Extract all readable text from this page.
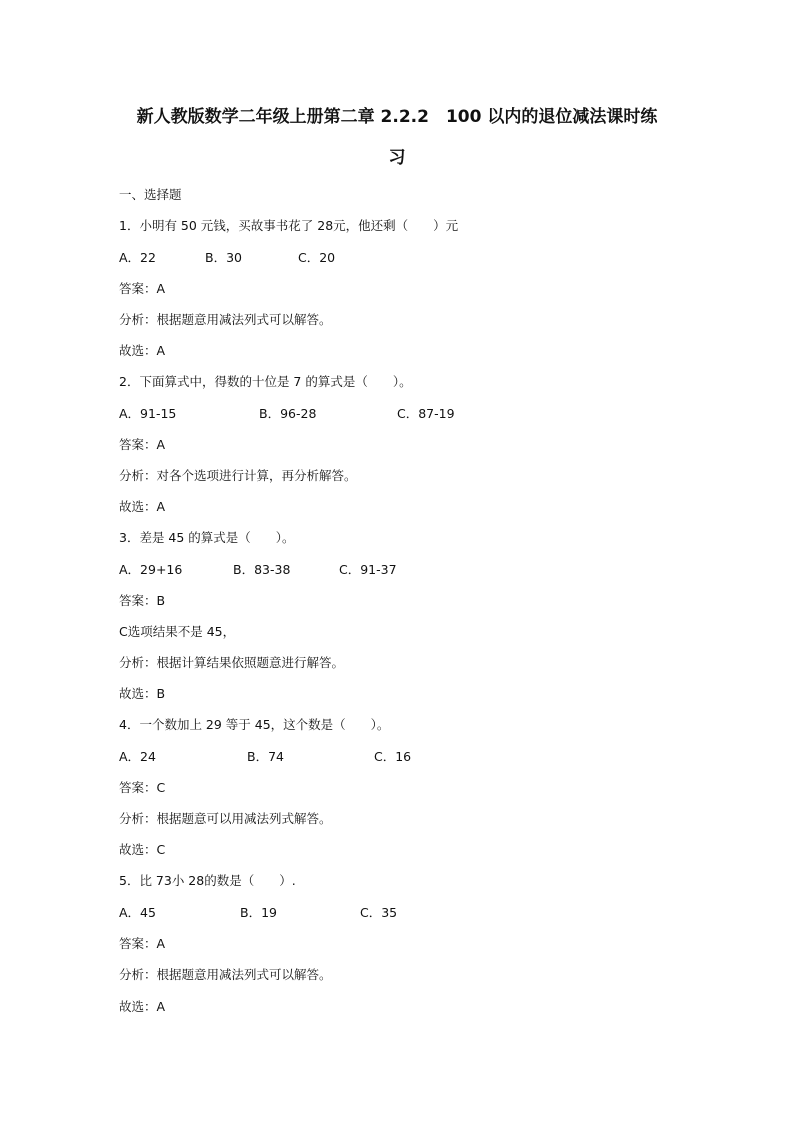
新人教版数学二年级上册第二章 2.2.2　100 以内的退位减法课时练
习
一、选择题
1．小明有 50 元钱，买故事书花了 28元，他还剩（　　）元
A．22	B．30	C．20
答案：A
分析：根据题意用减法列式可以解答。
故选：A
2．下面算式中，得数的十位是 7 的算式是（　　）。
A．91-15	B．96-28	C．87-19
答案：A
分析：对各个选项进行计算，再分析解答。
故选：A
3．差是 45 的算式是（　　）。
A．29+16	B．83-38	C．91-37
答案：B
C选项结果不是 45，
分析：根据计算结果依照题意进行解答。
故选：B
4．一个数加上 29 等于 45，这个数是（　　）。
A．24	B．74	C．16
答案：C
分析：根据题意可以用减法列式解答。
故选：C
5．比 73小 28的数是（　　）.
A．45	B．19	C．35
答案：A
分析：根据题意用减法列式可以解答。
故选：A
